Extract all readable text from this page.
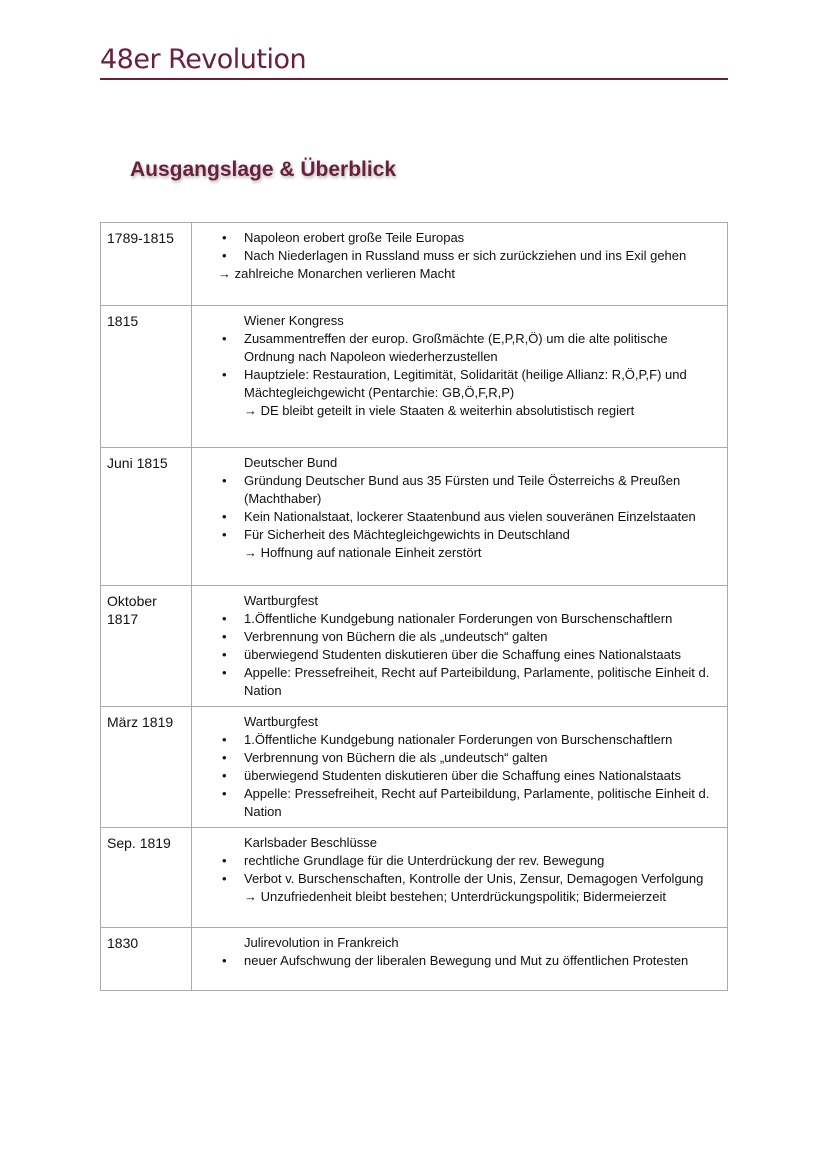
48er Revolution
Ausgangslage & Überblick
1789-1815	• Napoleon erobert große Teile Europas
• Nach Niederlagen in Russland muss er sich zurückziehen und ins Exil gehen
→ zahlreiche Monarchen verlieren Macht

1815	Wiener Kongress
• Zusammentreffen der europ. Großmächte (E,P,R,Ö) um die alte politische Ordnung nach Napoleon wiederherzustellen
• Hauptziele: Restauration, Legitimität, Solidarität (heilige Allianz: R,Ö,P,F) und Mächtegleichgewicht (Pentarchie: GB,Ö,F,R,P)
→ DE bleibt geteilt in viele Staaten & weiterhin absolutistisch regiert

Juni 1815	Deutscher Bund
• Gründung Deutscher Bund aus 35 Fürsten und Teile Österreichs & Preußen (Machthaber)
• Kein Nationalstaat, lockerer Staatenbund aus vielen souveränen Einzelstaaten
• Für Sicherheit des Mächtegleichgewichts in Deutschland
→ Hoffnung auf nationale Einheit zerstört

Oktober 1817	Wartburgfest
• 1.Öffentliche Kundgebung nationaler Forderungen von Burschenschaftlern
• Verbrennung von Büchern die als „undeutsch“ galten
• überwiegend Studenten diskutieren über die Schaffung eines Nationalstaats
• Appelle: Pressefreiheit, Recht auf Parteibildung, Parlamente, politische Einheit d. Nation

März 1819	Wartburgfest
• 1.Öffentliche Kundgebung nationaler Forderungen von Burschenschaftlern
• Verbrennung von Büchern die als „undeutsch“ galten
• überwiegend Studenten diskutieren über die Schaffung eines Nationalstaats
• Appelle: Pressefreiheit, Recht auf Parteibildung, Parlamente, politische Einheit d. Nation

Sep. 1819	Karlsbader Beschlüsse
• rechtliche Grundlage für die Unterdrückung der rev. Bewegung
• Verbot v. Burschenschaften, Kontrolle der Unis, Zensur, Demagogen Verfolgung
→ Unzufriedenheit bleibt bestehen; Unterdrückungspolitik; Bidermeierzeit

1830	Julirevolution in Frankreich
• neuer Aufschwung der liberalen Bewegung und Mut zu öffentlichen Protesten
